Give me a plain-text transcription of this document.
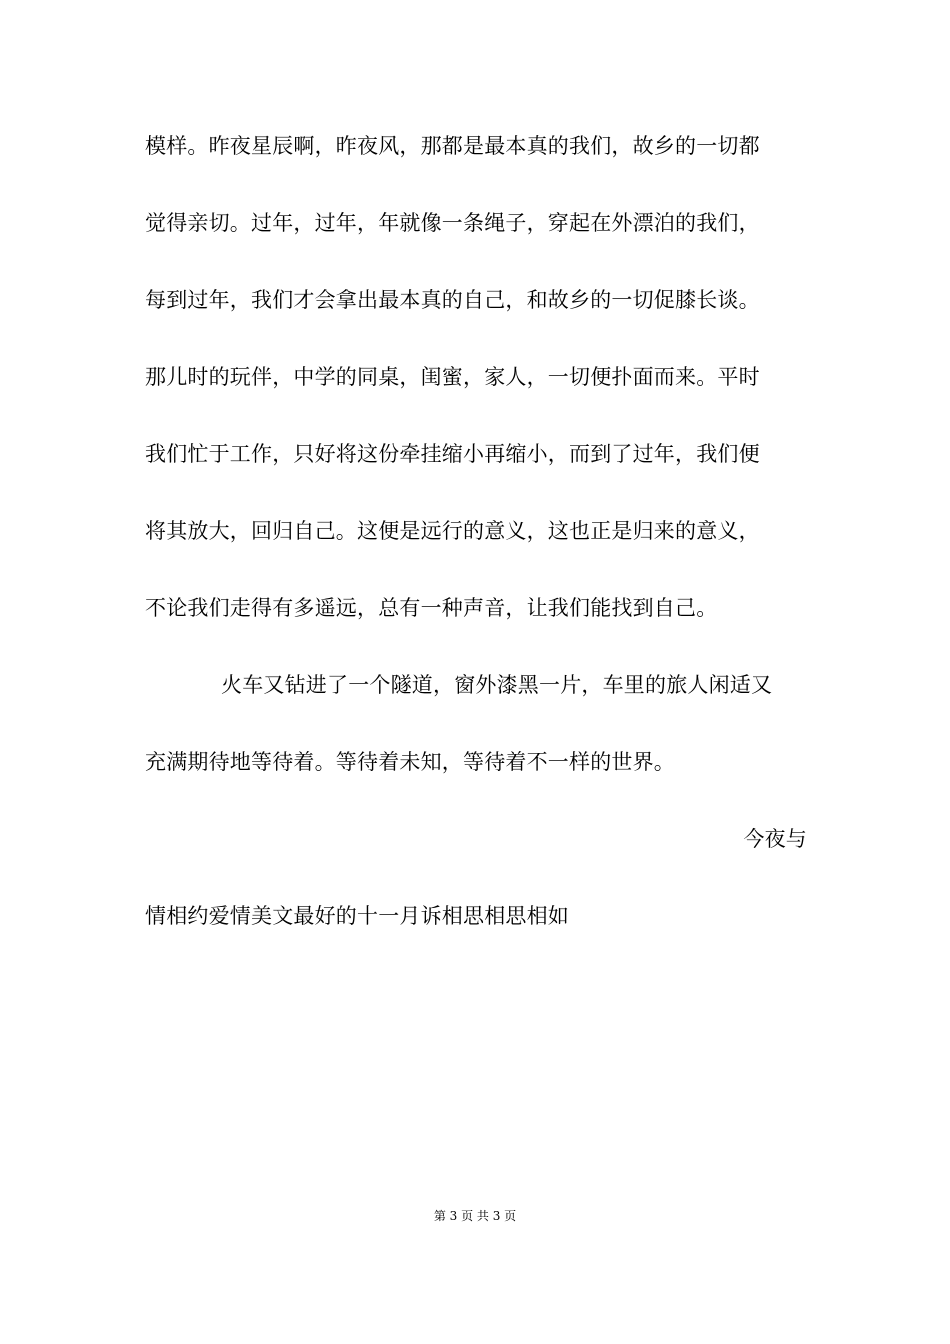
模样。昨夜星辰啊，昨夜风，那都是最本真的我们，故乡的一切都
觉得亲切。过年，过年，年就像一条绳子，穿起在外漂泊的我们，
每到过年，我们才会拿出最本真的自己，和故乡的一切促膝长谈。
那儿时的玩伴，中学的同桌，闺蜜，家人，一切便扑面而来。平时
我们忙于工作，只好将这份牵挂缩小再缩小，而到了过年，我们便
将其放大，回归自己。这便是远行的意义，这也正是归来的意义，
不论我们走得有多遥远，总有一种声音，让我们能找到自己。
火车又钻进了一个隧道，窗外漆黑一片，车里的旅人闲适又
充满期待地等待着。等待着未知，等待着不一样的世界。
今夜与
情相约爱情美文最好的十一月诉相思相思相如
第 3 页 共 3 页
